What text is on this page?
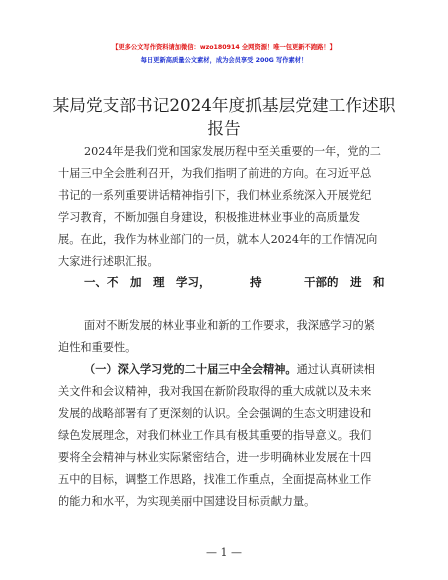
【更多公文写作资料请加微信：wzo180914 全网资源！唯一包更新不跑路！】
每日更新高质量公文素材，成为会员享受 200G 写作素材！
某局党支部书记2024年度抓基层党建工作述职
报告
2024年是我们党和国家发展历程中至关重要的一年，党的二
十届三中全会胜利召开，为我们指明了前进的方向。在习近平总
书记的一系列重要讲话精神指引下，我们林业系统深入开展党纪
学习教育，不断加强自身建设，积极推进林业事业的高质量发
展。在此，我作为林业部门的一员，就本人2024年的工作情况向
大家进行述职汇报。
一、不　加　理　学习，	持	干部的　进　和
面对不断发展的林业事业和新的工作要求，我深感学习的紧
迫性和重要性。
（一）深入学习党的二十届三中全会精神。通过认真研读相
关文件和会议精神，我对我国在新阶段取得的重大成就以及未来
发展的战略部署有了更深刻的认识。全会强调的生态文明建设和
绿色发展理念，对我们林业工作具有极其重要的指导意义。我们
要将全会精神与林业实际紧密结合，进一步明确林业发展在十四
五中的目标，调整工作思路，找准工作重点，全面提高林业工作
的能力和水平，为实现美丽中国建设目标贡献力量。
— 1 —
